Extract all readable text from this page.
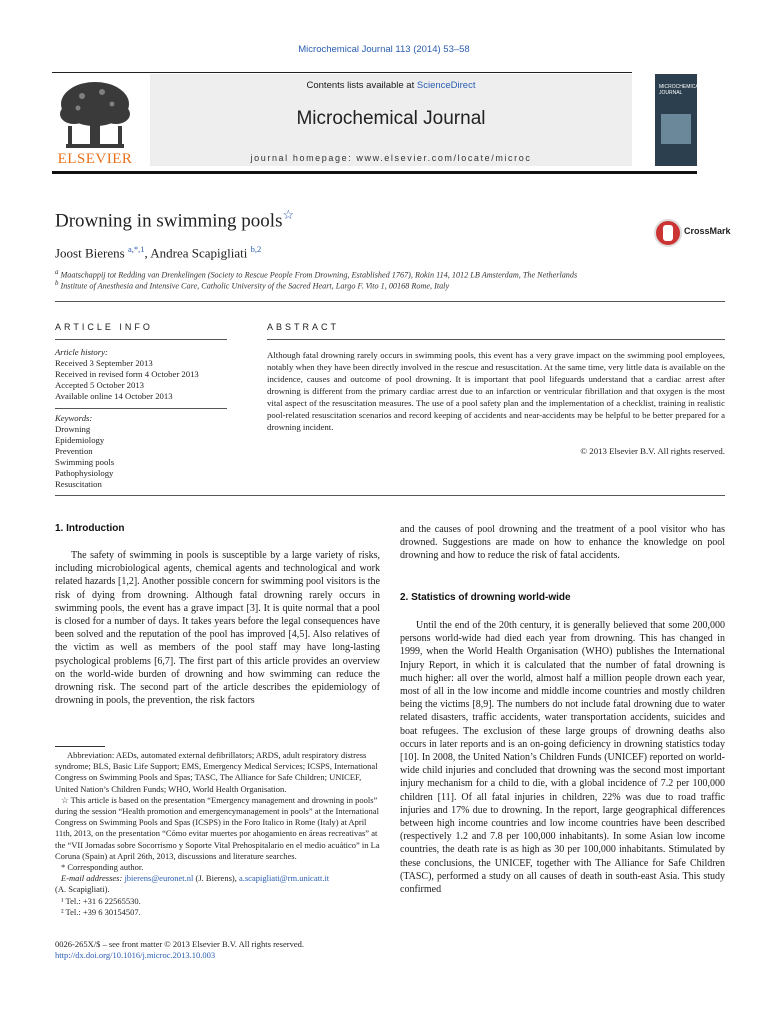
Microchemical Journal 113 (2014) 53–58
Contents lists available at ScienceDirect
Microchemical Journal
journal homepage: www.elsevier.com/locate/microc
ELSEVIER
MICROCHEMICAL JOURNAL
Drowning in swimming pools☆
CrossMark
Joost Bierens $^{a,*,1}$, Andrea Scapigliati $^{b,2}$
$^a$ Maatschappij tot Redding van Drenkelingen (Society to Rescue People From Drowning, Established 1767), Rokin 114, 1012 LB Amsterdam, The Netherlands
$^b$ Institute of Anesthesia and Intensive Care, Catholic University of the Sacred Heart, Largo F. Vito 1, 00168 Rome, Italy
ARTICLE INFO
Article history:
Received 3 September 2013
Received in revised form 4 October 2013
Accepted 5 October 2013
Available online 14 October 2013
Keywords:
Drowning
Epidemiology
Prevention
Swimming pools
Pathophysiology
Resuscitation
ABSTRACT
Although fatal drowning rarely occurs in swimming pools, this event has a very grave impact on the swimming pool employees, notably when they have been directly involved in the rescue and resuscitation. At the same time, very little data is available on the incidence, causes and outcome of pool drowning. It is important that pool lifeguards understand that a cardiac arrest after drowning is different from the primary cardiac arrest due to an infarction or ventricular fibrillation and that oxygen is the most vital aspect of the resuscitation measures. The use of a pool safety plan and the implementation of a checklist, training in realistic pool-related resuscitation scenarios and record keeping of accidents and near-accidents may be helpful to be better prepared for a drowning incident.
© 2013 Elsevier B.V. All rights reserved.
1. Introduction

The safety of swimming in pools is susceptible by a large variety of risks, including microbiological agents, chemical agents and technological and work related hazards [1,2]. Another possible concern for swimming pool visitors is the risk of dying from drowning. Although fatal drowning rarely occurs in swimming pools, the event has a grave impact [3]. It is quite normal that a pool is closed for a number of days. It takes years before the legal consequences have been solved and the reputation of the pool has improved [4,5]. Also relatives of the victim as well as members of the pool staff may have long-lasting psychological problems [6,7]. The first part of this article provides an overview on the world-wide burden of drowning and how swimming can reduce the drowning risk. The second part of the article describes the epidemiology of drowning in pools, the prevention, the risk factors

Abbreviation: AEDs, automated external defibrillators; ARDS, adult respiratory distress syndrome; BLS, Basic Life Support; EMS, Emergency Medical Services; ICSPS, International Congress on Swimming Pools and Spas; TASC, The Alliance for Safe Children; UNICEF, United Nation’s Children Funds; WHO, World Health Organisation.

☆ This article is based on the presentation “Emergency management and drowning in pools” during the session “Health promotion and emergencymanagement in pools” at the International Congress on Swimming Pools and Spas (ICSPS) in the Foro Italico in Rome (Italy) at April 11th, 2013, on the presentation “Cómo evitar muertes por ahogamiento en áreas recreativas” at the “VII Jornadas sobre Socorrismo y Soporte Vital Prehospitalario en el medio acuático” in La Coruna (Spain) at April 26th, 2013, discussions and literature searches.

* Corresponding author.

E-mail addresses: jbierens@euronet.nl (J. Bierens), a.scapigliati@rm.unicatt.it

(A. Scapigliati).

¹ Tel.: +31 6 22565530.

² Tel.: +39 6 30154507.

0026-265X/$ – see front matter © 2013 Elsevier B.V. All rights reserved.
http://dx.doi.org/10.1016/j.microc.2013.10.003

and the causes of pool drowning and the treatment of a pool visitor who has drowned. Suggestions are made on how to enhance the knowledge on pool drowning and how to reduce the risk of fatal accidents.

2. Statistics of drowning world-wide

Until the end of the 20th century, it is generally believed that some 200,000 persons world-wide had died each year from drowning. This has changed in 1999, when the World Health Organisation (WHO) publishes the International Injury Report, in which it is calculated that the number of fatal drowning is much higher: all over the world, almost half a million people drown each year, most of all in the low income and middle income countries and mostly children being the victims [8,9]. The numbers do not include fatal drowning due to water related disasters, traffic accidents, water transportation accidents, suicides and boat refugees. The exclusion of these large groups of drowning deaths also occurs in later reports and is an on-going deficiency in drowning statistics today [10]. In 2008, the United Nation’s Children Funds (UNICEF) reported on world-wide child injuries and concluded that drowning was the second most important injury mechanism for a child to die, with a global incidence of 7.2 per 100,000 children [11]. Of all fatal injuries in children, 22% was due to road traffic injuries and 17% due to drowning. In the report, large geographical differences between high income countries and low income countries have been described (respectively 1.2 and 7.8 per 100,000 inhabitants). In some Asian low income countries, the death rate is as high as 30 per 100,000 inhabitants. Stimulated by these conclusions, the UNICEF, together with The Alliance for Safe Children (TASC), performed a study on all causes of death in south-east Asia. This study confirmed
